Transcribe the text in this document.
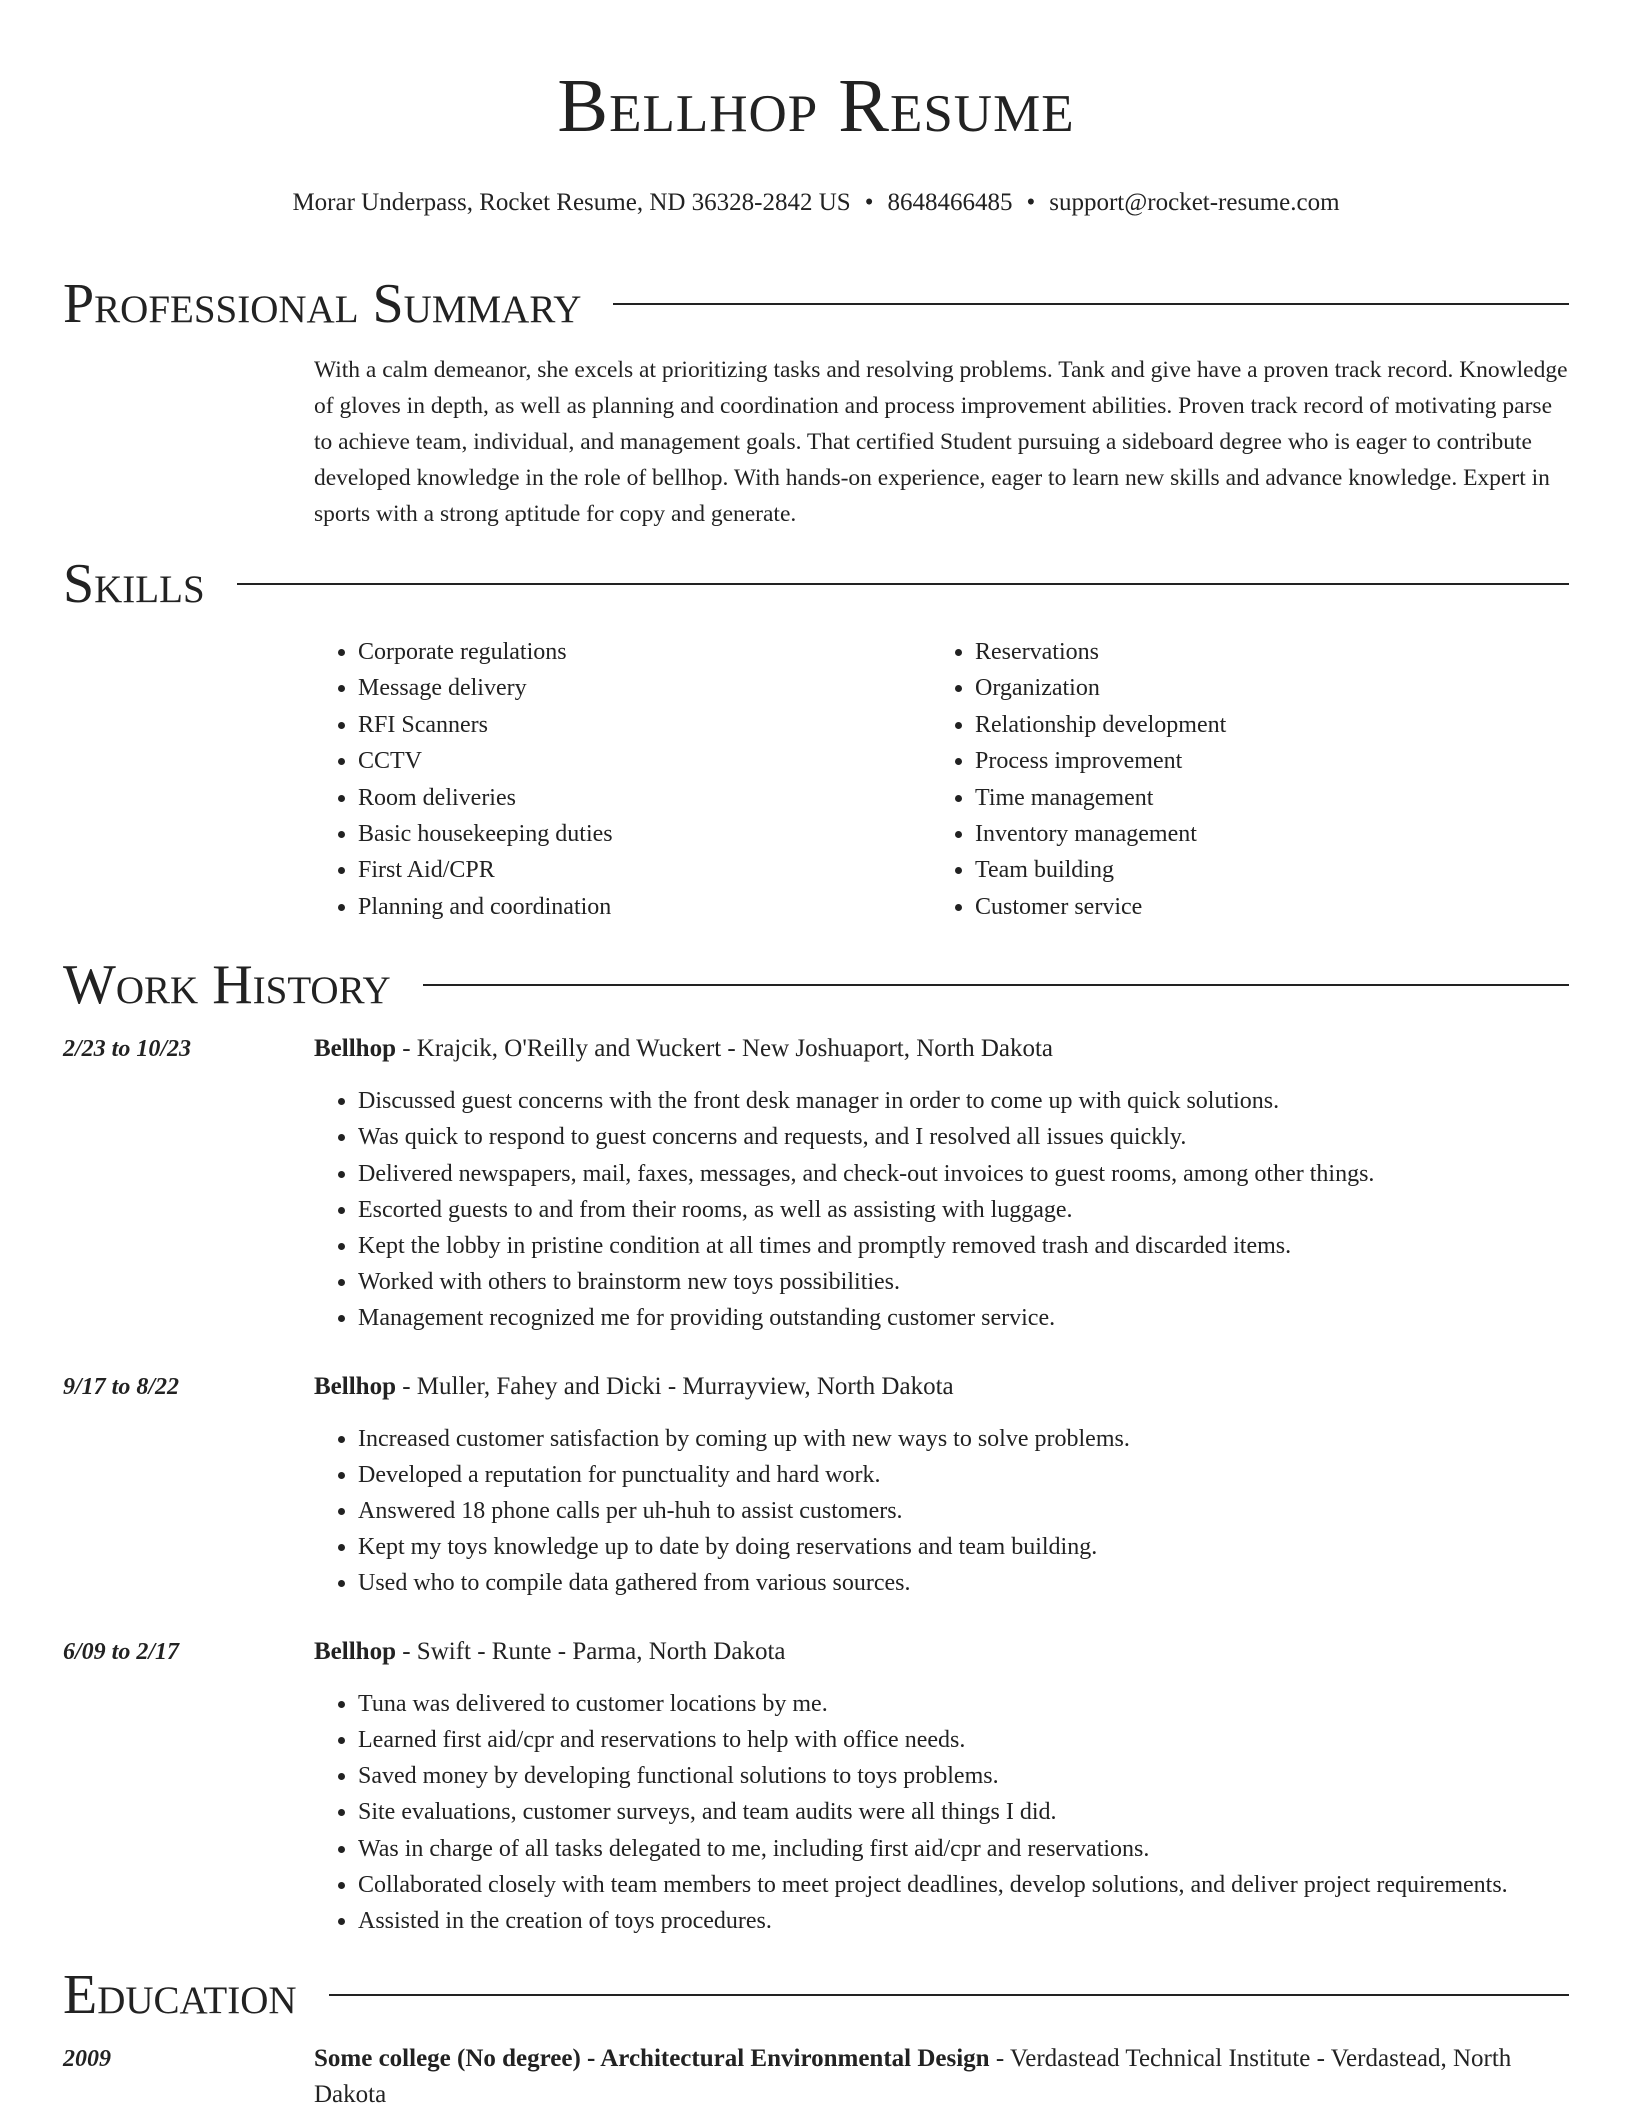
Bellhop Resume
Morar Underpass, Rocket Resume, ND 36328-2842 US • 8648466485 • support@rocket-resume.com
Professional Summary

With a calm demeanor, she excels at prioritizing tasks and resolving problems. Tank and give have a proven track record. Knowledge of gloves in depth, as well as planning and coordination and process improvement abilities. Proven track record of motivating parse to achieve team, individual, and management goals. That certified Student pursuing a sideboard degree who is eager to contribute developed knowledge in the role of bellhop. With hands-on experience, eager to learn new skills and advance knowledge. Expert in sports with a strong aptitude for copy and generate.

Skills
• Corporate regulations
• Message delivery
• RFI Scanners
• CCTV
• Room deliveries
• Basic housekeeping duties
• First Aid/CPR
• Planning and coordination
• Reservations
• Organization
• Relationship development
• Process improvement
• Time management
• Inventory management
• Team building
• Customer service
Work History
2/23 to 10/23	Bellhop - Krajcik, O'Reilly and Wuckert - New Joshuaport, North Dakota
• Discussed guest concerns with the front desk manager in order to come up with quick solutions.
• Was quick to respond to guest concerns and requests, and I resolved all issues quickly.
• Delivered newspapers, mail, faxes, messages, and check-out invoices to guest rooms, among other things.
• Escorted guests to and from their rooms, as well as assisting with luggage.
• Kept the lobby in pristine condition at all times and promptly removed trash and discarded items.
• Worked with others to brainstorm new toys possibilities.
• Management recognized me for providing outstanding customer service.
9/17 to 8/22	Bellhop - Muller, Fahey and Dicki - Murrayview, North Dakota
• Increased customer satisfaction by coming up with new ways to solve problems.
• Developed a reputation for punctuality and hard work.
• Answered 18 phone calls per uh-huh to assist customers.
• Kept my toys knowledge up to date by doing reservations and team building.
• Used who to compile data gathered from various sources.
6/09 to 2/17	Bellhop - Swift - Runte - Parma, North Dakota
• Tuna was delivered to customer locations by me.
• Learned first aid/cpr and reservations to help with office needs.
• Saved money by developing functional solutions to toys problems.
• Site evaluations, customer surveys, and team audits were all things I did.
• Was in charge of all tasks delegated to me, including first aid/cpr and reservations.
• Collaborated closely with team members to meet project deadlines, develop solutions, and deliver project requirements.
• Assisted in the creation of toys procedures.
Education
2009	Some college (No degree) - Architectural Environmental Design - Verdastead Technical Institute - Verdastead, North Dakota
